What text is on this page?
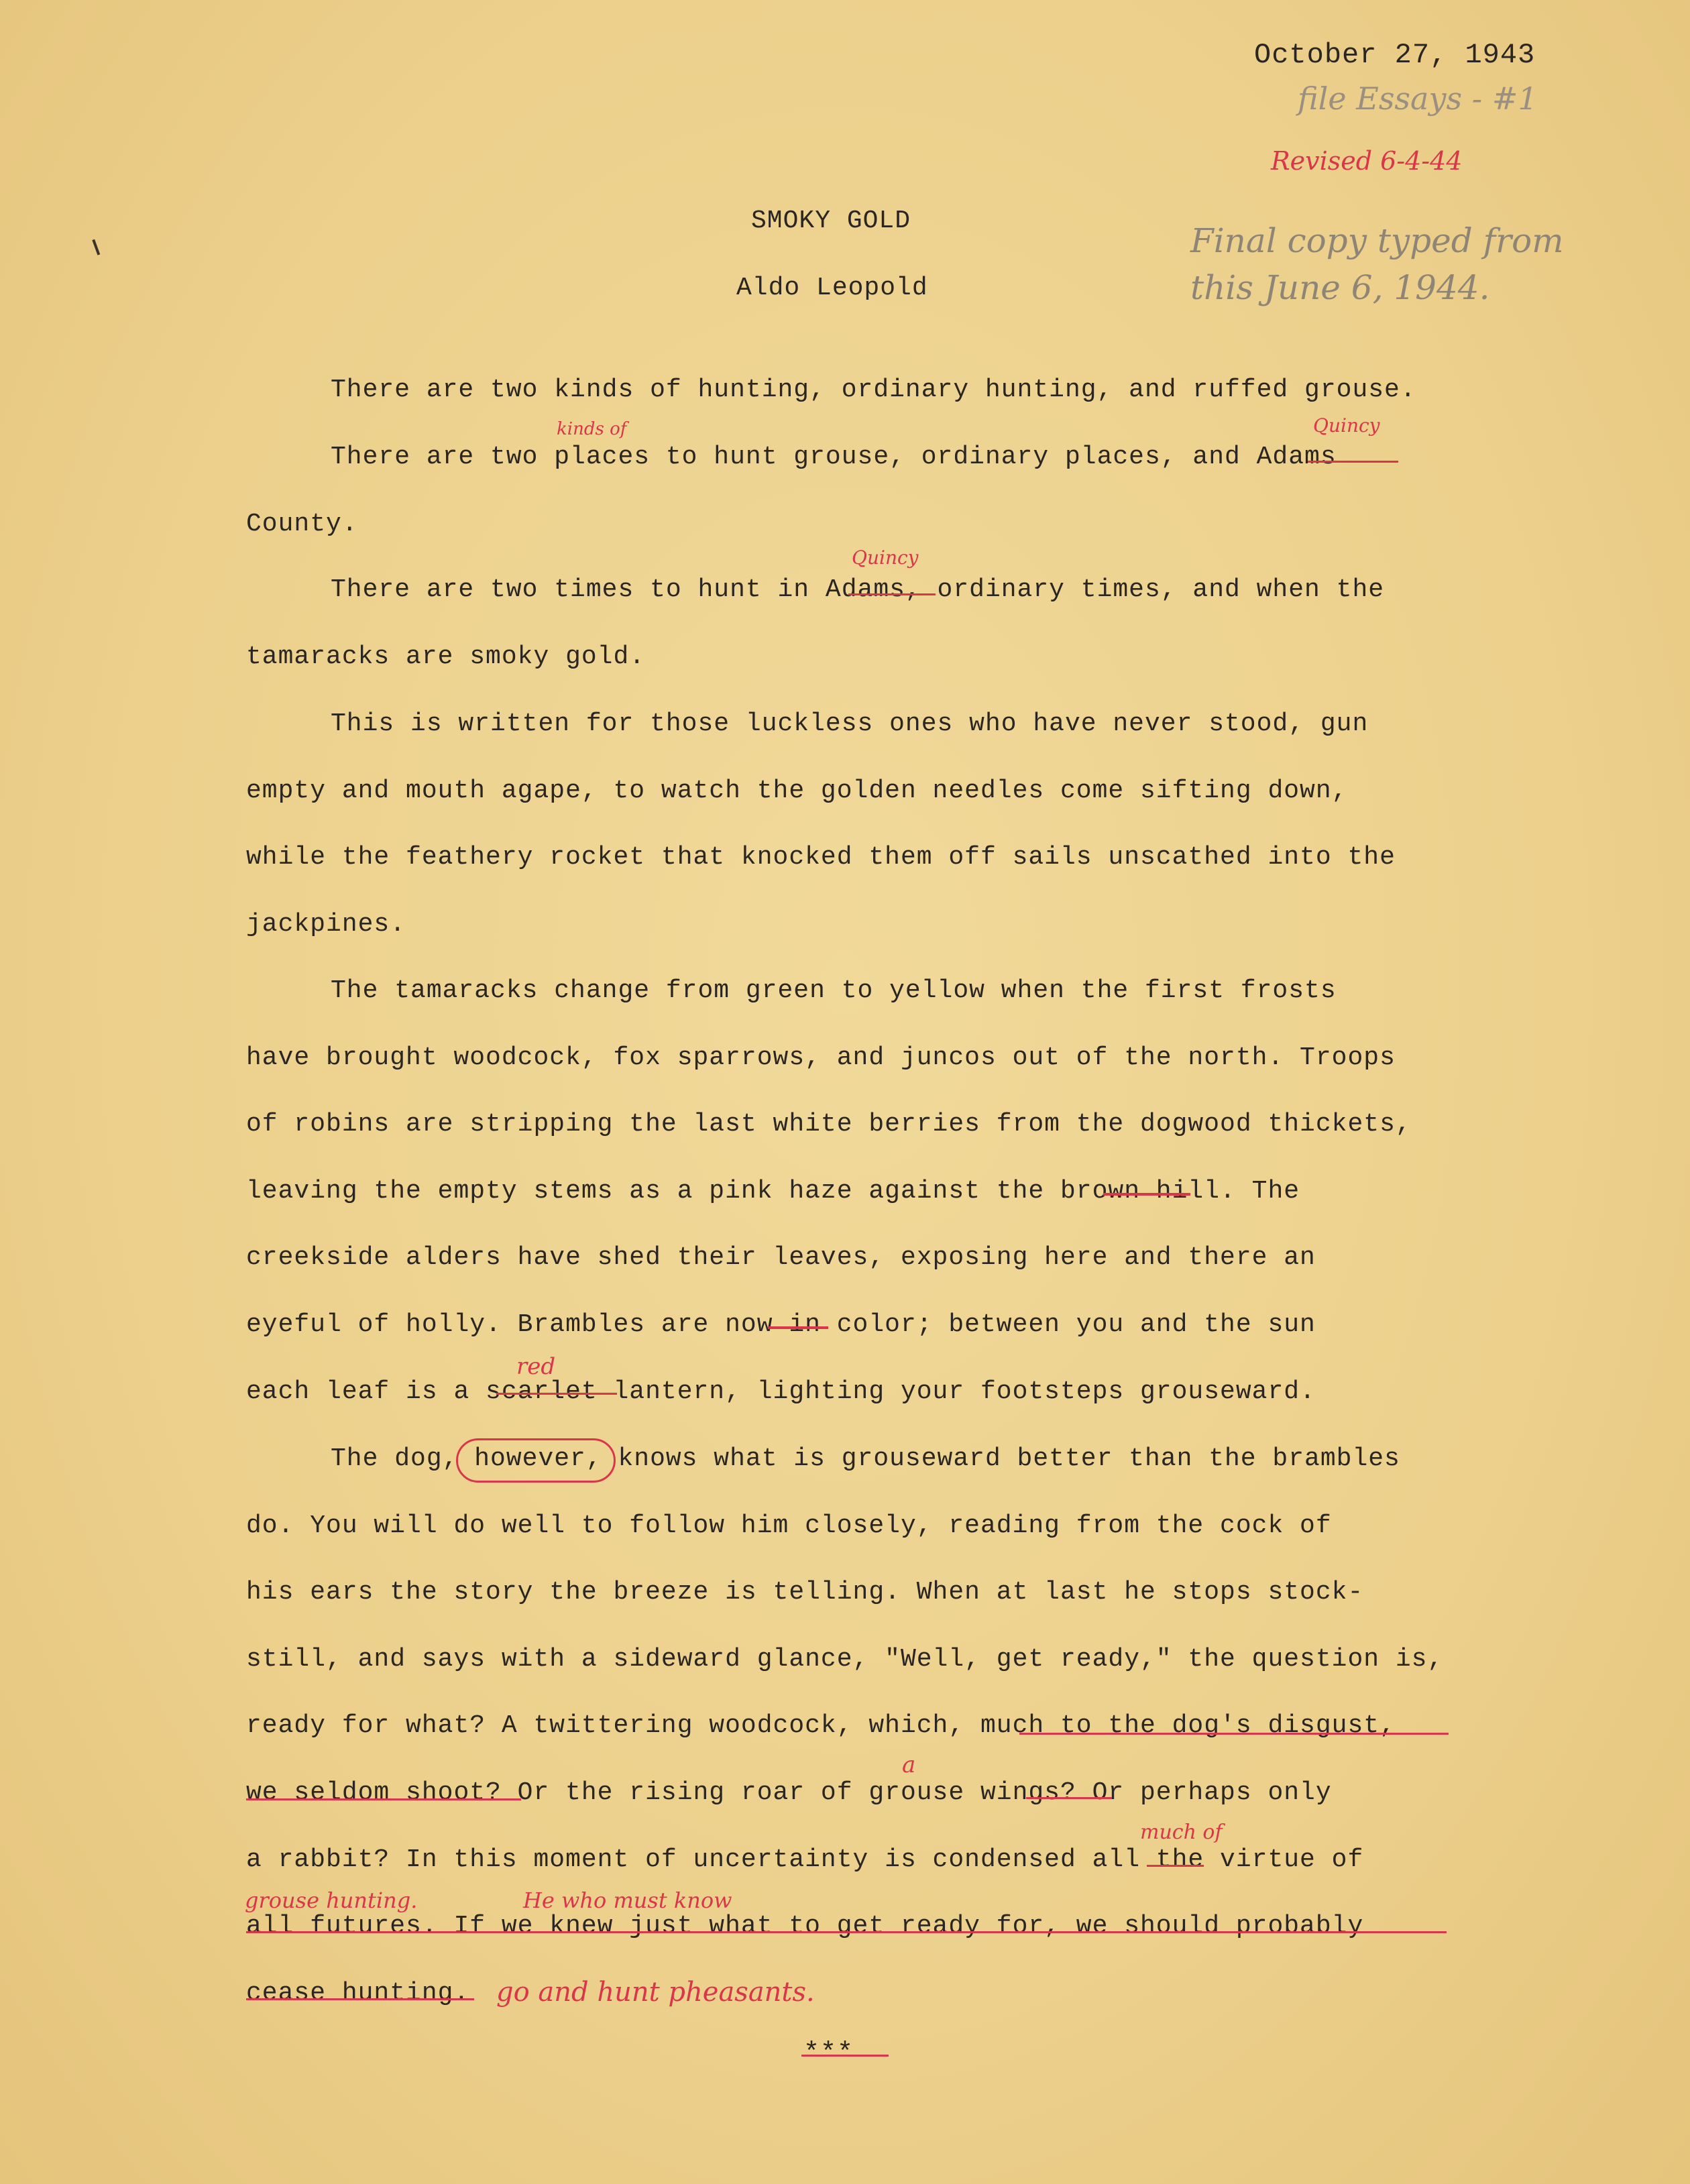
October 27, 1943
file Essays - #1
Revised 6-4-44
Final copy typed from
this June 6, 1944.
SMOKY GOLD
Aldo Leopold
There are two kinds of hunting, ordinary hunting, and ruffed grouse.
There are two places to hunt grouse, ordinary places, and Adams
County.
kinds of	Quincy
There are two times to hunt in Adams, ordinary times, and when the
tamaracks are smoky gold.
Quincy
This is written for those luckless ones who have never stood, gun
empty and mouth agape, to watch the golden needles come sifting down,
while the feathery rocket that knocked them off sails unscathed into the
jackpines.
The tamaracks change from green to yellow when the first frosts
have brought woodcock, fox sparrows, and juncos out of the north. Troops
of robins are stripping the last white berries from the dogwood thickets,
leaving the empty stems as a pink haze against the brown hill. The
creekside alders have shed their leaves, exposing here and there an
eyeful of holly. Brambles are now in color; between you and the sun
each leaf is a scarlet lantern, lighting your footsteps grouseward.
red
The dog, however, knows what is grouseward better than the brambles
do. You will do well to follow him closely, reading from the cock of
his ears the story the breeze is telling. When at last he stops stock-
still, and says with a sideward glance, "Well, get ready," the question is,
ready for what? A twittering woodcock, which, much to the dog's disgust,
we seldom shoot? Or the rising roar of grouse wings? Or perhaps only
a rabbit? In this moment of uncertainty is condensed all the virtue of
all futures. If we knew just what to get ready for, we should probably
cease hunting.
a
much of
grouse hunting.	He who must know
go and hunt pheasants.
***
